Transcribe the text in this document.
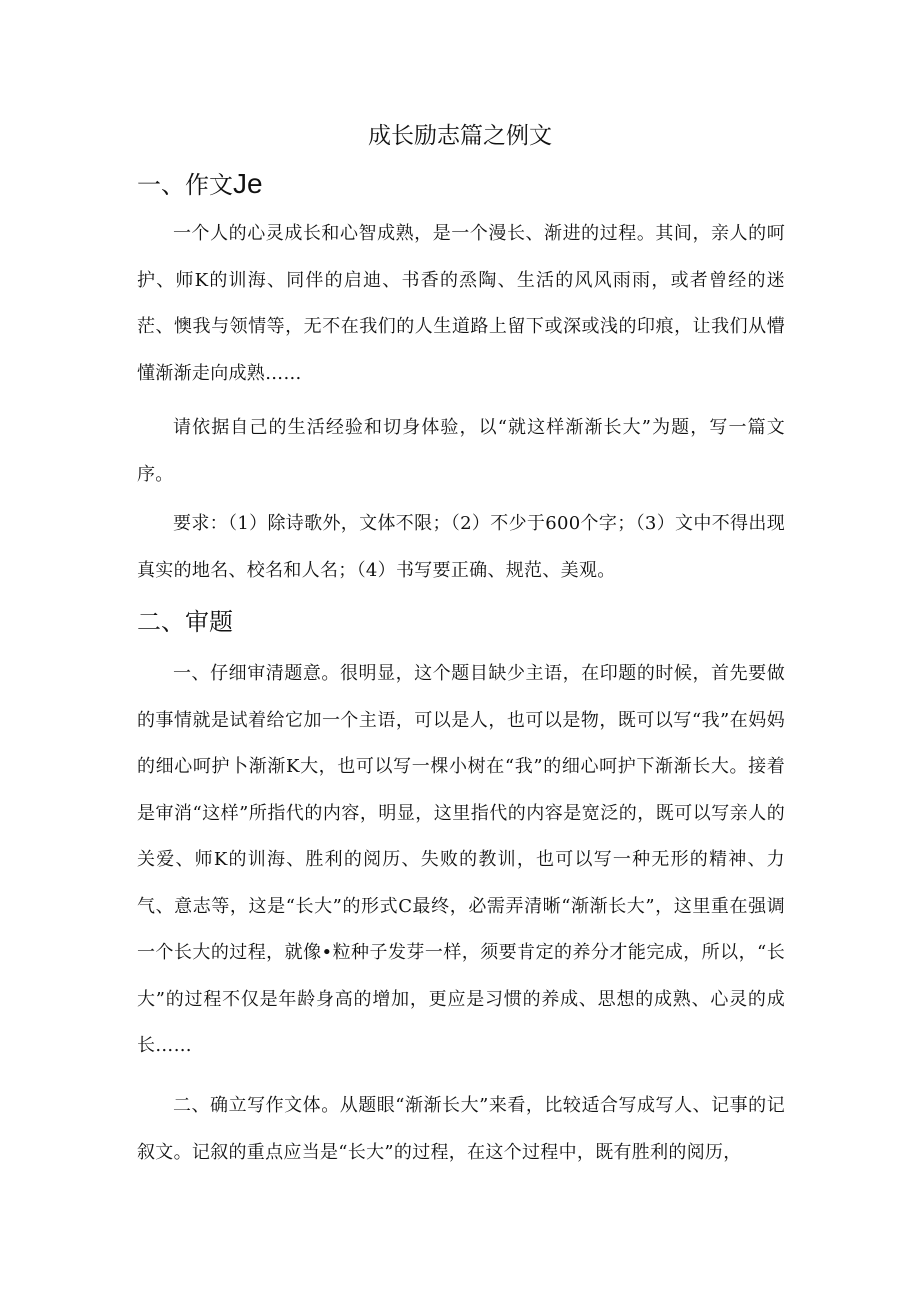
成长励志篇之例文
一、作文Je

一个人的心灵成长和心智成熟，是一个漫长、渐进的过程。其间，亲人的呵护、师K的训海、同伴的启迪、书香的烝陶、生活的风风雨雨，或者曾经的迷茫、懊我与领情等，无不在我们的人生道路上留下或深或浅的印痕，让我们从懵懂渐渐走向成熟……

请依据自己的生活经验和切身体验，以“就这样渐渐长大”为题，写一篇文序。

要求：（1）除诗歌外，文体不限；（2）不少于600个字；（3）文中不得出现真实的地名、校名和人名；（4）书写要正确、规范、美观。

二、审题

一、仔细审清题意。很明显，这个题目缺少主语，在印题的时候，首先要做的事情就是试着给它加一个主语，可以是人，也可以是物，既可以写“我”在妈妈的细心呵护卜渐渐K大，也可以写一棵小树在“我”的细心呵护下渐渐长大。接着是审消“这样”所指代的内容，明显，这里指代的内容是宽泛的，既可以写亲人的关爱、师K的训海、胜利的阅历、失败的教训，也可以写一种无形的精神、力气、意志等，这是“长大”的形式C最终，必需弄清晰“渐渐长大”，这里重在强调一个长大的过程，就像•粒种子发芽一样，须要肯定的养分才能完成，所以，“长大”的过程不仅是年龄身高的增加，更应是习惯的养成、思想的成熟、心灵的成长……

二、确立写作文体。从题眼“渐渐长大”来看，比较适合写成写人、记事的记叙文。记叙的重点应当是“长大”的过程，在这个过程中，既有胜利的阅历，
